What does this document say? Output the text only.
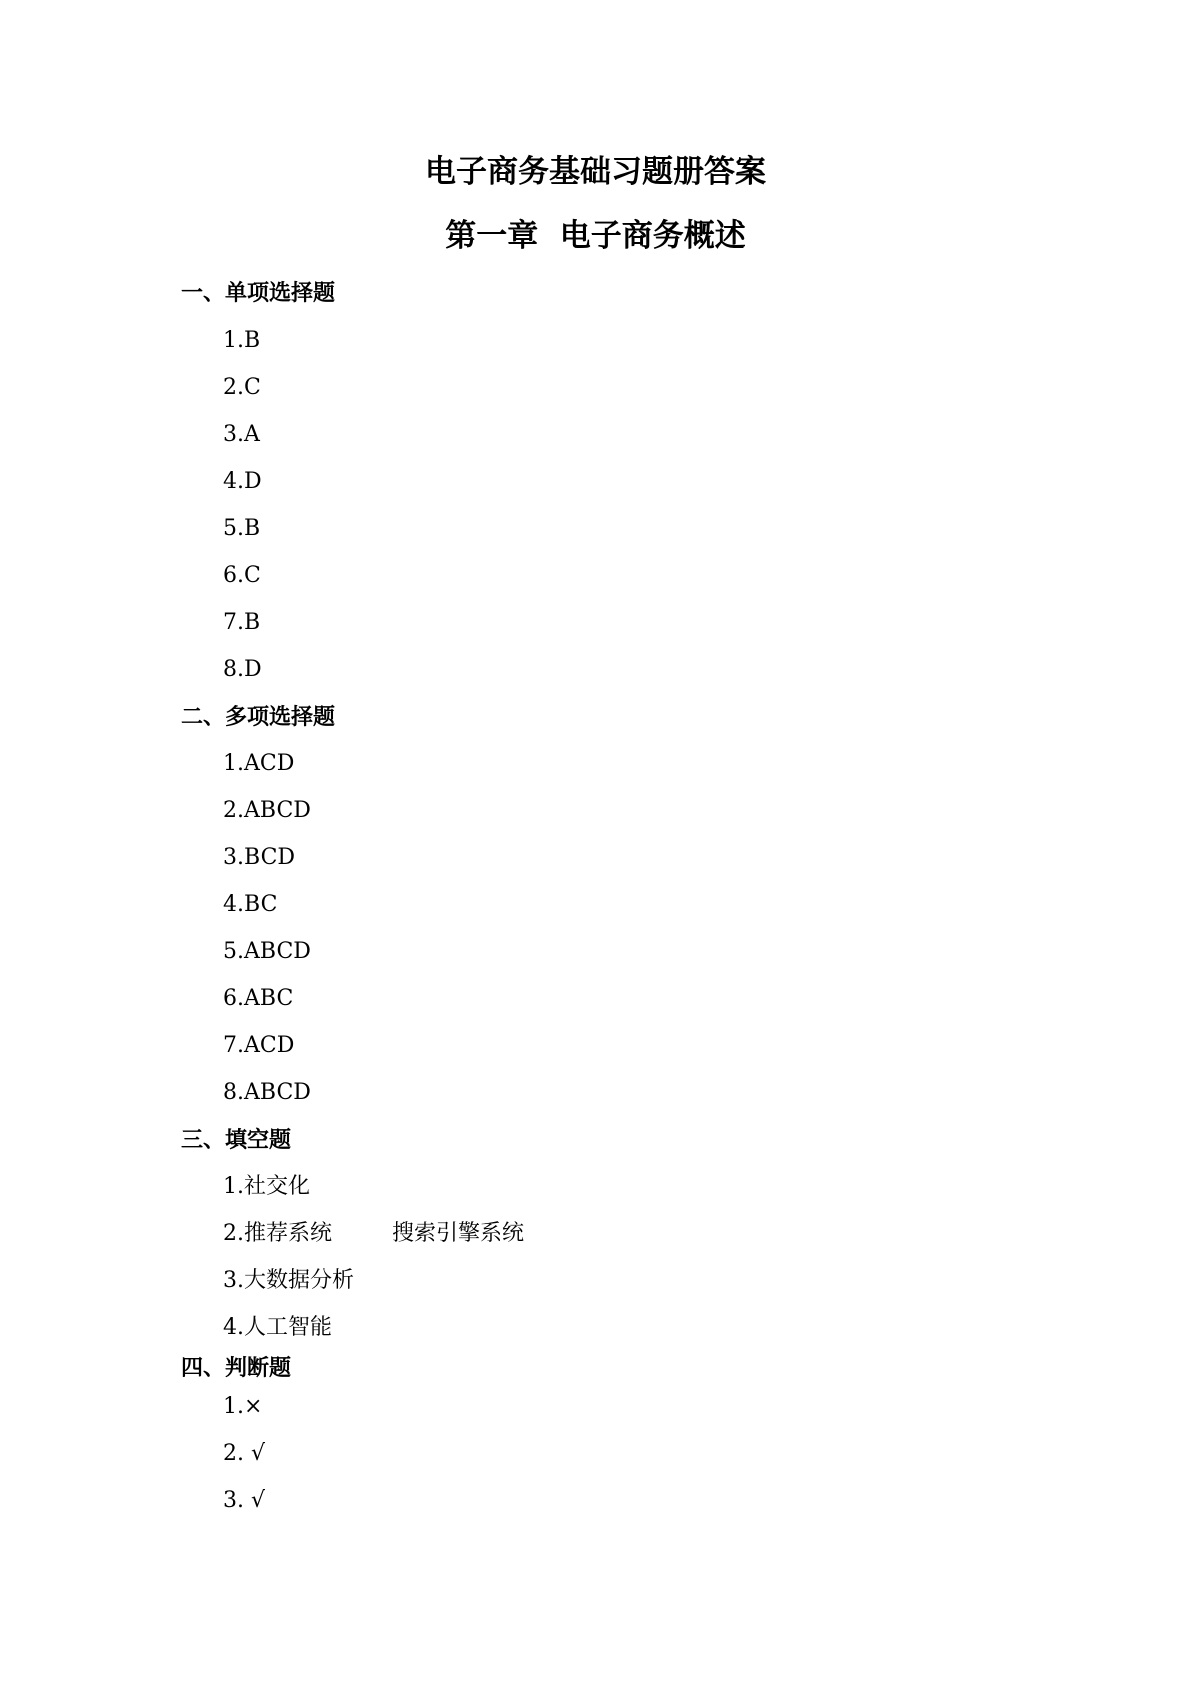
电子商务基础习题册答案
第一章  电子商务概述
一、单项选择题
1.B
2.C
3.A
4.D
5.B
6.C
7.B
8.D
二、多项选择题
1.ACD
2.ABCD
3.BCD
4.BC
5.ABCD
6.ABC
7.ACD
8.ABCD
三、填空题
1.社交化
2.推荐系统	搜索引擎系统
3.大数据分析
4.人工智能
四、判断题
1.×
2. √
3. √
